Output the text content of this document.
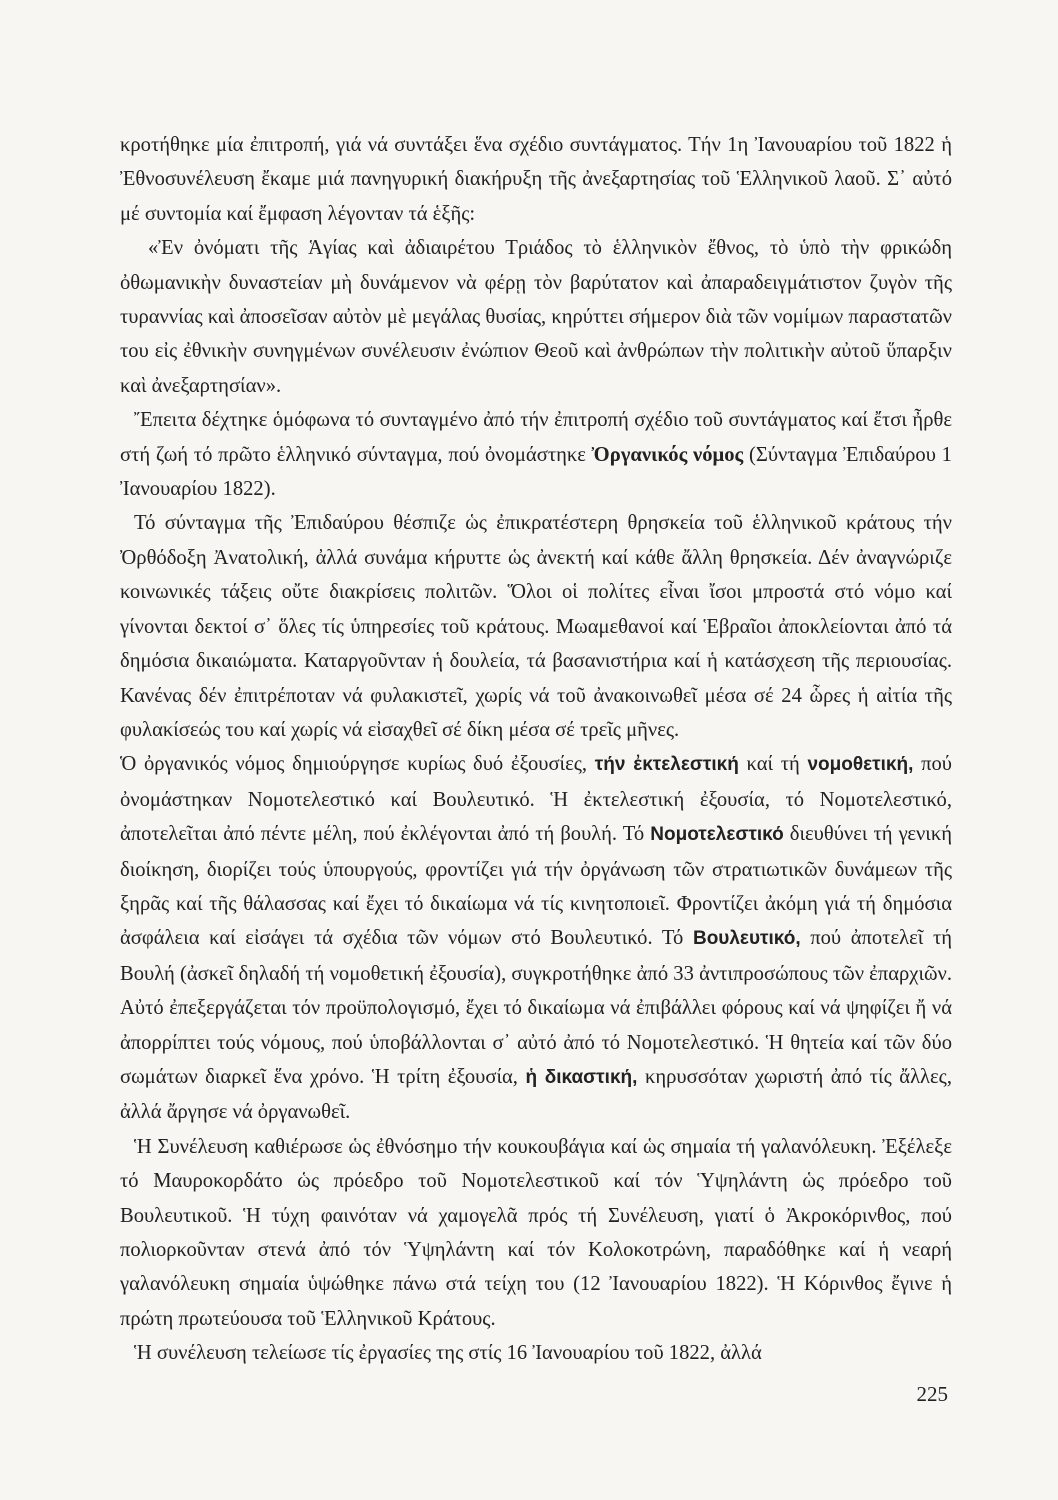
κροτήθηκε μία ἐπιτροπή, γιά νά συντάξει ἕνα σχέδιο συντάγματος. Τήν 1η Ἰανουαρίου τοῦ 1822 ἡ Ἐθνοσυνέλευση ἔκαμε μιά πανηγυρική διακήρυξη τῆς ἀνεξαρτησίας τοῦ Ἑλληνικοῦ λαοῦ. Σ᾽ αὐτό μέ συντομία καί ἔμφαση λέγονταν τά ἑξῆς:

«Ἐν ὀνόματι τῆς Ἁγίας καὶ ἀδιαιρέτου Τριάδος τὸ ἑλληνικὸν ἔθνος, τὸ ὑπὸ τὴν φρικώδη ὀθωμανικὴν δυναστείαν μὴ δυνάμενον νὰ φέρῃ τὸν βαρύτατον καὶ ἀπαραδειγμάτιστον ζυγὸν τῆς τυραννίας καὶ ἀποσεῖσαν αὐτὸν μὲ μεγάλας θυσίας, κηρύττει σήμερον διὰ τῶν νομίμων παραστατῶν του εἰς ἐθνικὴν συνηγμένων συνέλευσιν ἐνώπιον Θεοῦ καὶ ἀνθρώπων τὴν πολιτικὴν αὐτοῦ ὕπαρξιν καὶ ἀνεξαρτησίαν».

Ἔπειτα δέχτηκε ὁμόφωνα τό συνταγμένο ἀπό τήν ἐπιτροπή σχέδιο τοῦ συντάγματος καί ἔτσι ἦρθε στή ζωή τό πρῶτο ἑλληνικό σύνταγμα, πού ὀνομάστηκε Ὀργανικός νόμος (Σύνταγμα Ἐπιδαύρου 1 Ἰανουαρίου 1822).

Τό σύνταγμα τῆς Ἐπιδαύρου θέσπιζε ὡς ἐπικρατέστερη θρησκεία τοῦ ἑλληνικοῦ κράτους τήν Ὀρθόδοξη Ἀνατολική, ἀλλά συνάμα κήρυττε ὡς ἀνεκτή καί κάθε ἄλλη θρησκεία. Δέν ἀναγνώριζε κοινωνικές τάξεις οὔτε διακρίσεις πολιτῶν. Ὅλοι οἱ πολίτες εἶναι ἴσοι μπροστά στό νόμο καί γίνονται δεκτοί σ᾽ ὅλες τίς ὑπηρεσίες τοῦ κράτους. Μωαμεθανοί καί Ἑβραῖοι ἀποκλείονται ἀπό τά δημόσια δικαιώματα. Καταργοῦνταν ἡ δουλεία, τά βασανιστήρια καί ἡ κατάσχεση τῆς περιουσίας. Κανένας δέν ἐπιτρέποταν νά φυλακιστεῖ, χωρίς νά τοῦ ἀνακοινωθεῖ μέσα σέ 24 ὧρες ἡ αἰτία τῆς φυλακίσεώς του καί χωρίς νά εἰσαχθεῖ σέ δίκη μέσα σέ τρεῖς μῆνες.

Ὁ ὀργανικός νόμος δημιούργησε κυρίως δυό ἐξουσίες, τήν ἐκτελεστική καί τή νομοθετική, πού ὀνομάστηκαν Νομοτελεστικό καί Βουλευτικό. Ἡ ἐκτελεστική ἐξουσία, τό Νομοτελεστικό, ἀποτελεῖται ἀπό πέντε μέλη, πού ἐκλέγονται ἀπό τή βουλή. Τό Νομοτελεστικό διευθύνει τή γενική διοίκηση, διορίζει τούς ὑπουργούς, φροντίζει γιά τήν ὀργάνωση τῶν στρατιωτικῶν δυνάμεων τῆς ξηρᾶς καί τῆς θάλασσας καί ἔχει τό δικαίωμα νά τίς κινητοποιεῖ. Φροντίζει ἀκόμη γιά τή δημόσια ἀσφάλεια καί εἰσάγει τά σχέδια τῶν νόμων στό Βουλευτικό. Τό Βουλευτικό, πού ἀποτελεῖ τή Βουλή (ἀσκεῖ δηλαδή τή νομοθετική ἐξουσία), συγκροτήθηκε ἀπό 33 ἀντιπροσώπους τῶν ἐπαρχιῶν. Αὐτό ἐπεξεργάζεται τόν προϋπολογισμό, ἔχει τό δικαίωμα νά ἐπιβάλλει φόρους καί νά ψηφίζει ἤ νά ἀπορρίπτει τούς νόμους, πού ὑποβάλλονται σ᾽ αὐτό ἀπό τό Νομοτελεστικό. Ἡ θητεία καί τῶν δύο σωμάτων διαρκεῖ ἕνα χρόνο. Ἡ τρίτη ἐξουσία, ἡ δικαστική, κηρυσσόταν χωριστή ἀπό τίς ἄλλες, ἀλλά ἄργησε νά ὀργανωθεῖ.

Ἡ Συνέλευση καθιέρωσε ὡς ἐθνόσημο τήν κουκουβάγια καί ὡς σημαία τή γαλανόλευκη. Ἐξέλεξε τό Μαυροκορδάτο ὡς πρόεδρο τοῦ Νομοτελεστικοῦ καί τόν Ὑψηλάντη ὡς πρόεδρο τοῦ Βουλευτικοῦ. Ἡ τύχη φαινόταν νά χαμογελᾶ πρός τή Συνέλευση, γιατί ὁ Ἀκροκόρινθος, πού πολιορκοῦνταν στενά ἀπό τόν Ὑψηλάντη καί τόν Κολοκοτρώνη, παραδόθηκε καί ἡ νεαρή γαλανόλευκη σημαία ὑψώθηκε πάνω στά τείχη του (12 Ἰανουαρίου 1822). Ἡ Κόρινθος ἔγινε ἡ πρώτη πρωτεύουσα τοῦ Ἑλληνικοῦ Κράτους.

Ἡ συνέλευση τελείωσε τίς ἐργασίες της στίς 16 Ἰανουαρίου τοῦ 1822, ἀλλά

225
